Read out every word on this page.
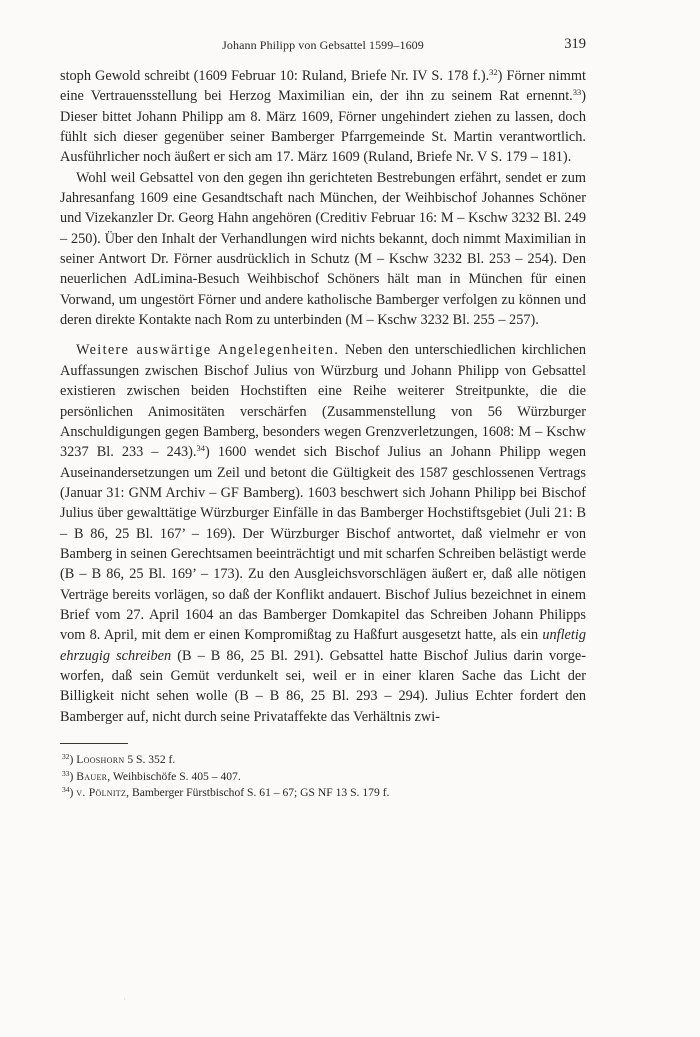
Johann Philipp von Gebsattel 1599–1609	319

stoph Gewold schreibt (1609 Februar 10: Ruland, Briefe Nr. IV S. 178 f.).$^{32}$) Förner nimmt eine Vertrauensstellung bei Herzog Maximilian ein, der ihn zu seinem Rat ernennt.$^{33}$) Dieser bittet Johann Philipp am 8. März 1609, Förner ungehindert ziehen zu lassen, doch fühlt sich dieser gegenüber seiner Bamberger Pfarrgemeinde St. Martin verantwortlich. Ausführlicher noch äußert er sich am 17. März 1609 (Ruland, Briefe Nr. V S. 179 – 181).

Wohl weil Gebsattel von den gegen ihn gerichteten Bestrebungen erfährt, sendet er zum Jahresanfang 1609 eine Gesandtschaft nach München, der Weihbischof Johannes Schöner und Vizekanzler Dr. Georg Hahn angehören (Creditiv Februar 16: M – Kschw 3232 Bl. 249 – 250). Über den Inhalt der Verhandlungen wird nichts bekannt, doch nimmt Maximilian in seiner Antwort Dr. Förner ausdrücklich in Schutz (M – Kschw 3232 Bl. 253 – 254). Den neuerlichen AdLimina-Besuch Weihbischof Schöners hält man in München für einen Vorwand, um ungestört Förner und andere katholische Bamberger verfolgen zu können und deren direkte Kontakte nach Rom zu unterbinden (M – Kschw 3232 Bl. 255 – 257).

Weitere auswärtige Angelegenheiten. Neben den unterschiedlichen kirchlichen Auffassungen zwischen Bischof Julius von Würzburg und Johann Philipp von Gebsattel existieren zwischen beiden Hochstiften eine Reihe weiterer Streitpunkte, die die persönlichen Animositäten verschärfen (Zusammenstellung von 56 Würzburger Anschuldigungen gegen Bamberg, besonders wegen Grenzverletzungen, 1608: M – Kschw 3237 Bl. 233 – 243).$^{34}$) 1600 wendet sich Bischof Julius an Johann Philipp wegen Auseinandersetzungen um Zeil und betont die Gültigkeit des 1587 geschlossenen Vertrags (Januar 31: GNM Archiv – GF Bamberg). 1603 beschwert sich Johann Philipp bei Bischof Julius über gewalttätige Würzburger Einfälle in das Bamberger Hochstiftsgebiet (Juli 21: B – B 86, 25 Bl. 167’ – 169). Der Würzburger Bischof antwortet, daß vielmehr er von Bamberg in seinen Gerechtsamen beeinträchtigt und mit scharfen Schreiben belästigt werde (B – B 86, 25 Bl. 169’ – 173). Zu den Ausgleichsvorschlägen äußert er, daß alle nötigen Verträge bereits vorlägen, so daß der Konflikt andauert. Bischof Julius bezeichnet in einem Brief vom 27. April 1604 an das Bamberger Domkapitel das Schreiben Johann Philipps vom 8. April, mit dem er einen Kompromißtag zu Haßfurt ausgesetzt hatte, als ein unfletig ehrzugig schreiben (B – B 86, 25 Bl. 291). Gebsattel hatte Bischof Julius darin vorgeworfen, daß sein Gemüt verdunkelt sei, weil er in einer klaren Sache das Licht der Billigkeit nicht sehen wolle (B – B 86, 25 Bl. 293 – 294). Julius Echter fordert den Bamberger auf, nicht durch seine Privataffekte das Verhältnis zwi-

$^{32}$) Looshorn 5 S. 352 f.
$^{33}$) Bauer, Weihbischöfe S. 405 – 407.
$^{34}$) v. Pölnitz, Bamberger Fürstbischof S. 61 – 67; GS NF 13 S. 179 f.
·
